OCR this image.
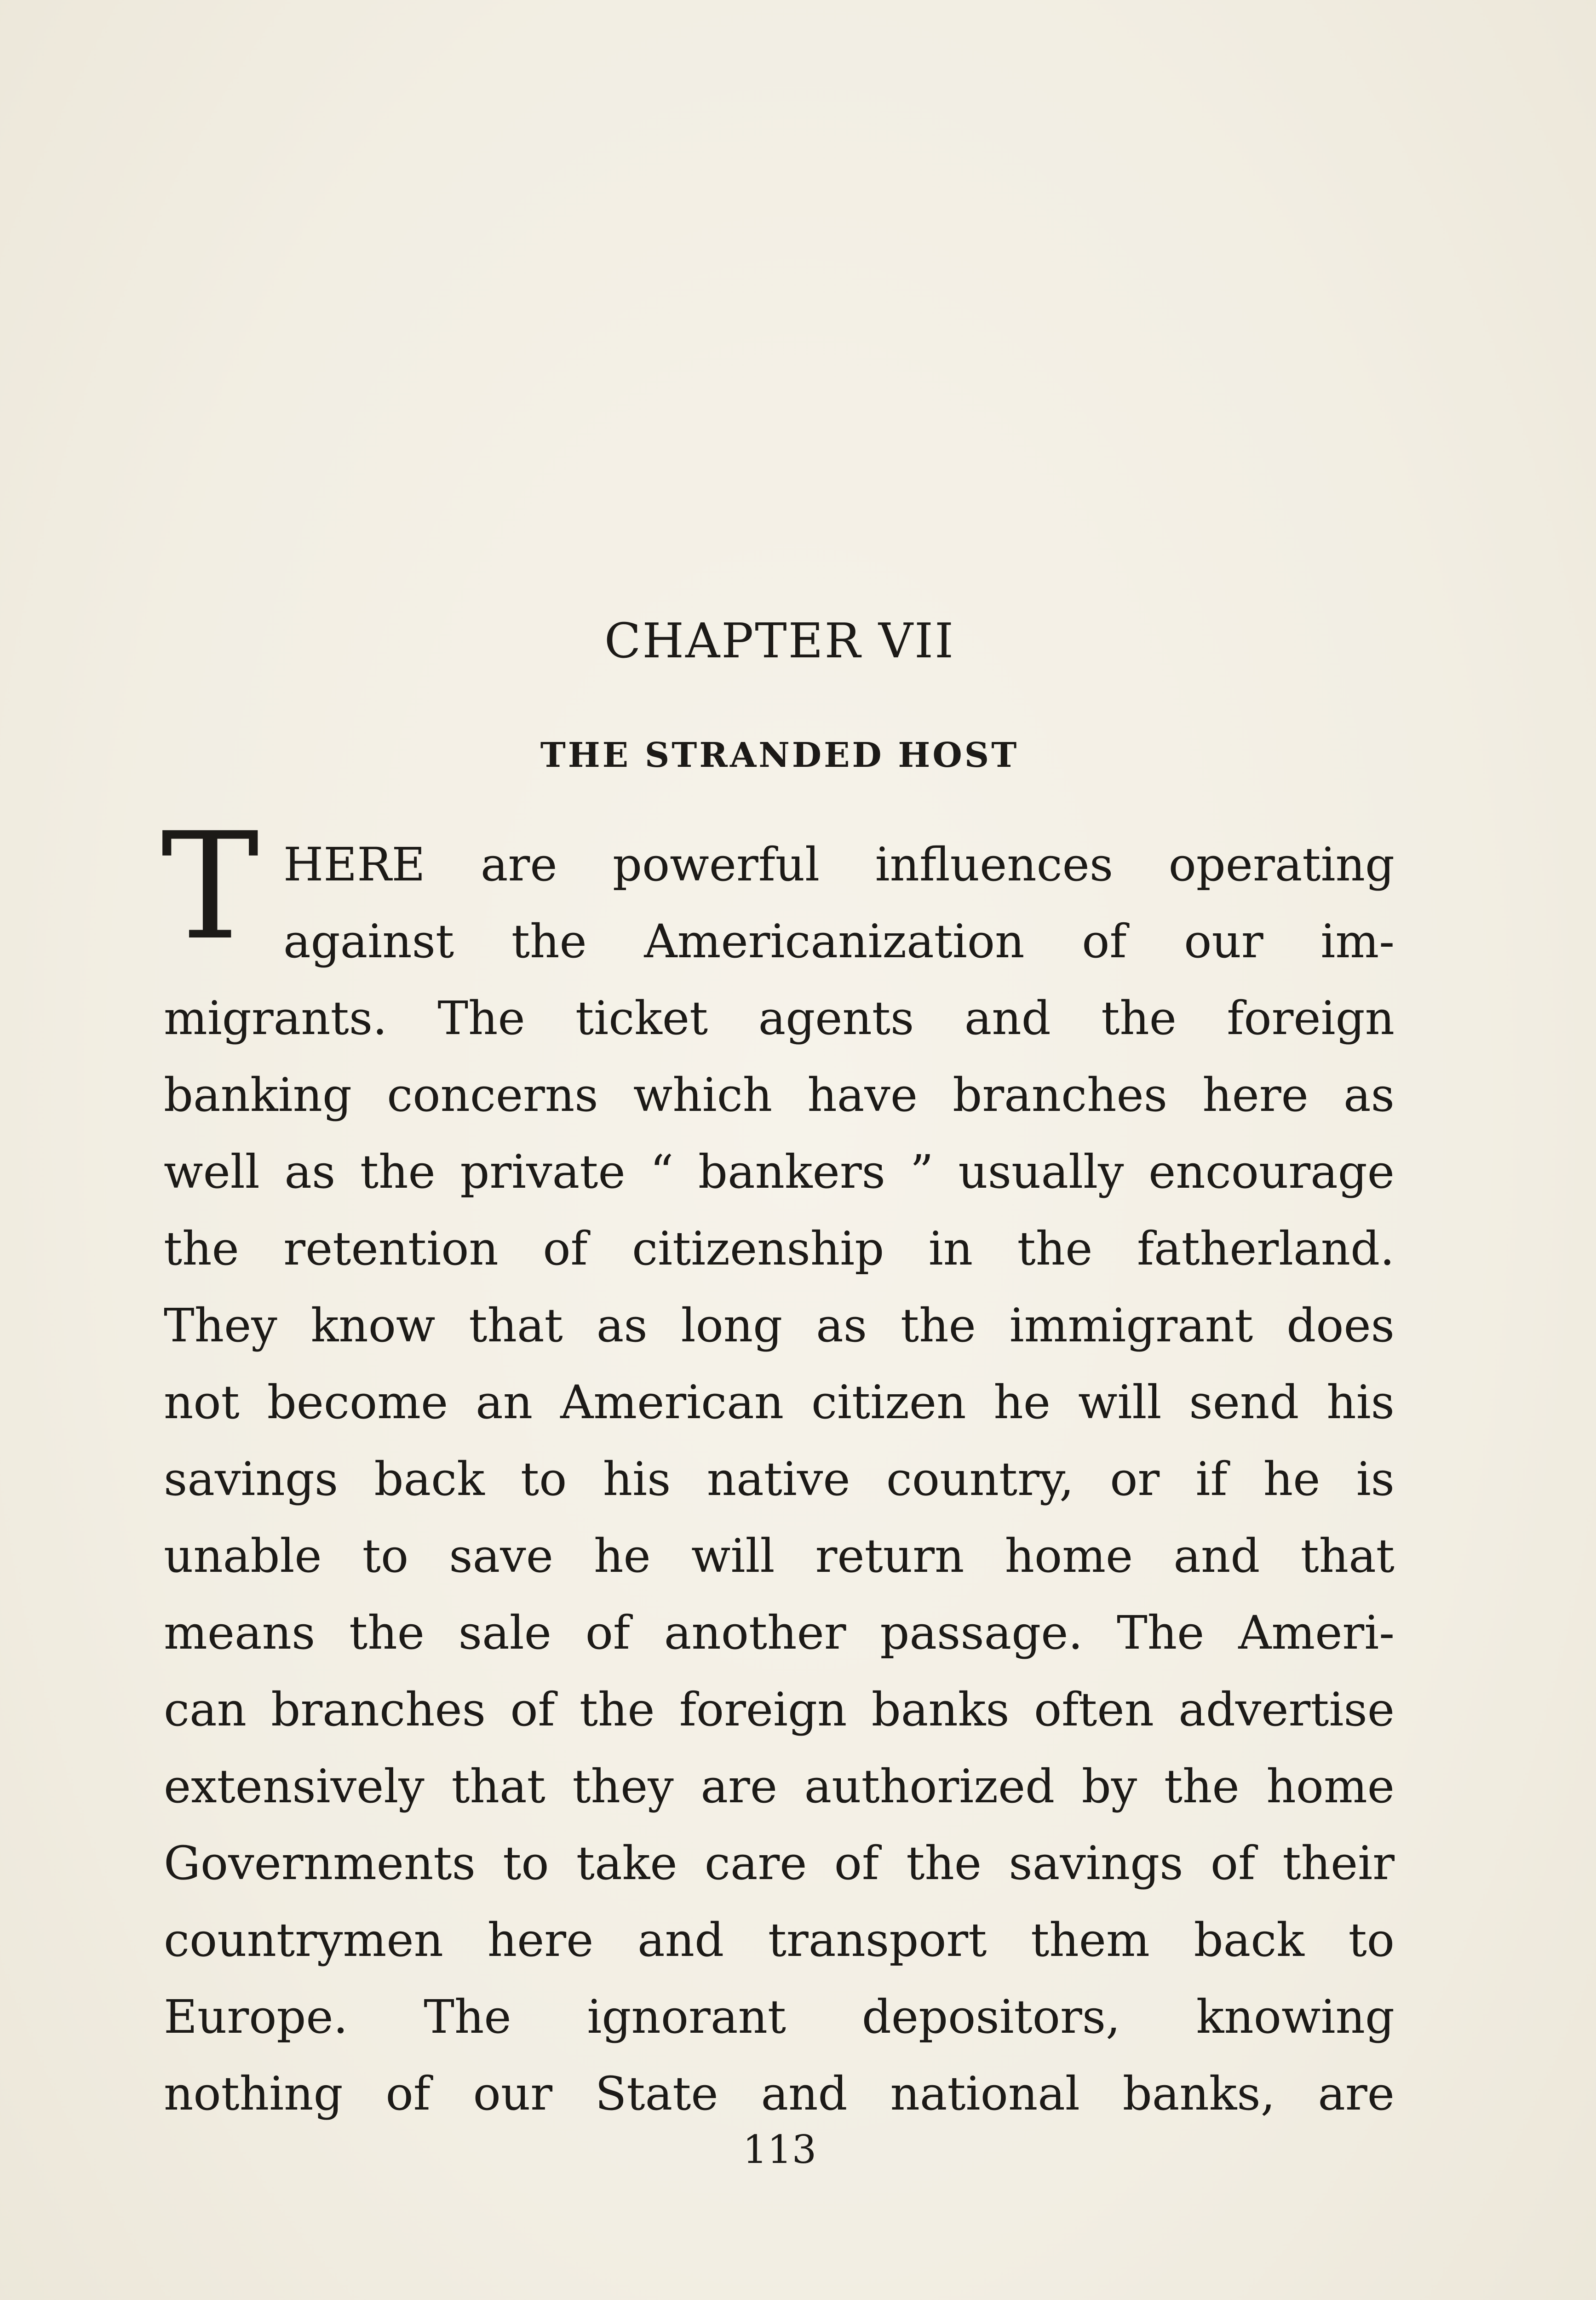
CHAPTER VII
THE STRANDED HOST
T HERE are powerful influences operating
against the Americanization of our im-
migrants. The ticket agents and the foreign
banking concerns which have branches here as
well as the private “ bankers ” usually encourage
the retention of citizenship in the fatherland.
They know that as long as the immigrant does
not become an American citizen he will send his
savings back to his native country, or if he is
unable to save he will return home and that
means the sale of another passage. The Ameri-
can branches of the foreign banks often advertise
extensively that they are authorized by the home
Governments to take care of the savings of their
countrymen here and transport them back to
Europe. The ignorant depositors, knowing
nothing of our State and national banks, are
113
